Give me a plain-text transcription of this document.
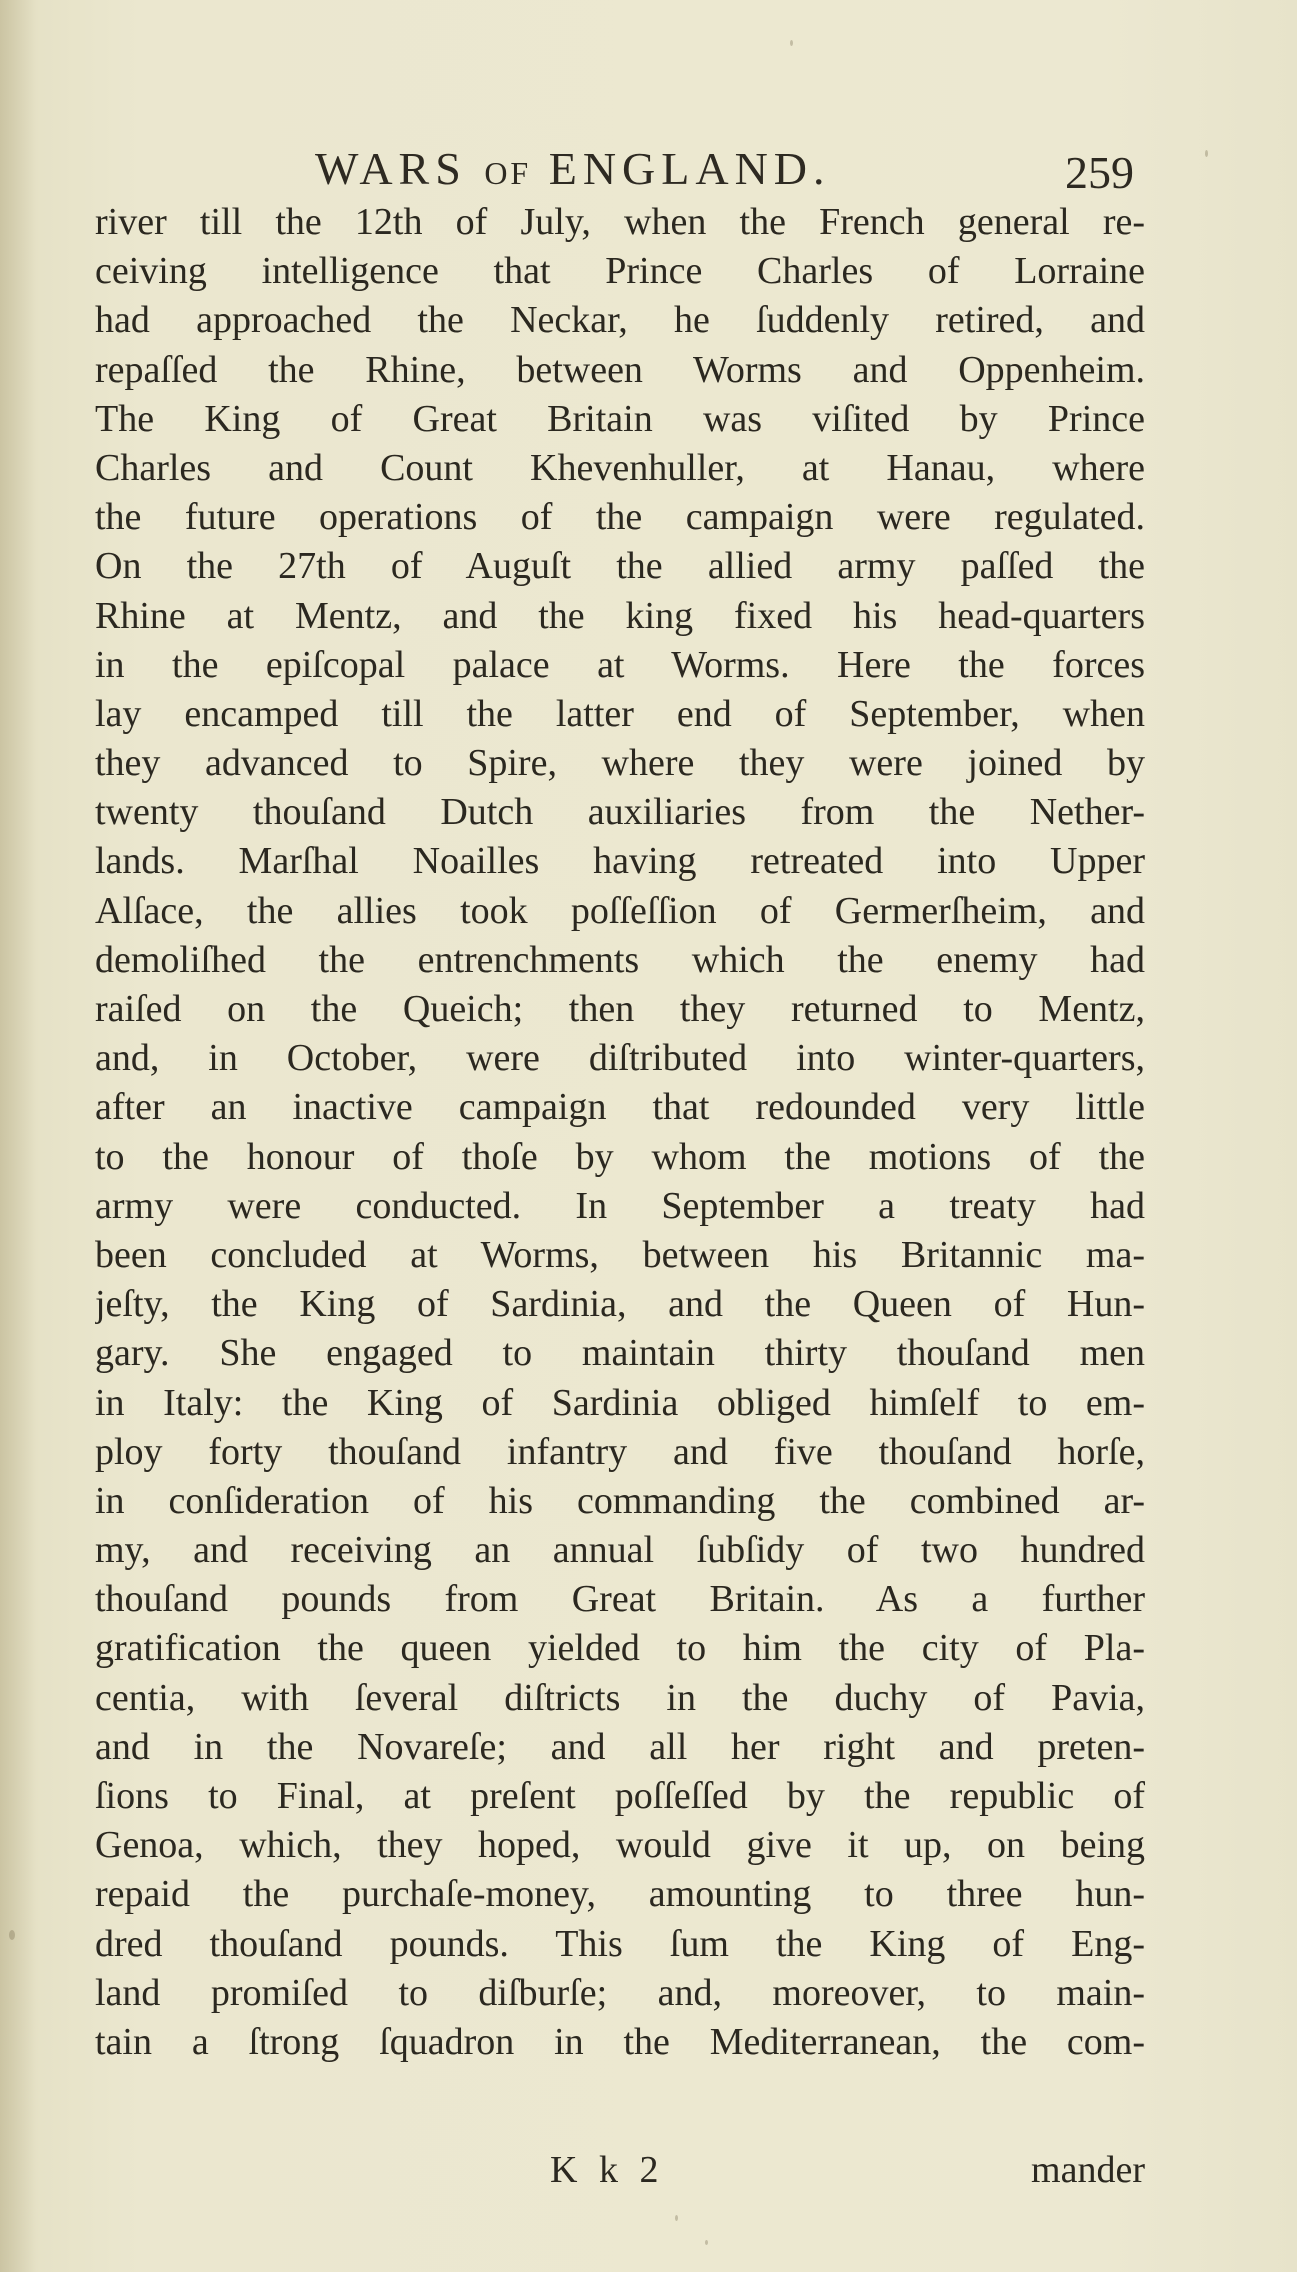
WARS OF ENGLAND.	259
river till the 12th of July, when the French general re-
ceiving intelligence that Prince Charles of Lorraine
had approached the Neckar, he ſuddenly retired, and
repaſſed the Rhine, between Worms and Oppenheim.
The King of Great Britain was viſited by Prince
Charles and Count Khevenhuller, at Hanau, where
the future operations of the campaign were regulated.
On the 27th of Auguſt the allied army paſſed the
Rhine at Mentz, and the king fixed his head-quarters
in the epiſcopal palace at Worms. Here the forces
lay encamped till the latter end of September, when
they advanced to Spire, where they were joined by
twenty thouſand Dutch auxiliaries from the Nether-
lands. Marſhal Noailles having retreated into Upper
Alſace, the allies took poſſeſſion of Germerſheim, and
demoliſhed the entrenchments which the enemy had
raiſed on the Queich; then they returned to Mentz,
and, in October, were diſtributed into winter-quarters,
after an inactive campaign that redounded very little
to the honour of thoſe by whom the motions of the
army were conducted. In September a treaty had
been concluded at Worms, between his Britannic ma-
jeſty, the King of Sardinia, and the Queen of Hun-
gary. She engaged to maintain thirty thouſand men
in Italy: the King of Sardinia obliged himſelf to em-
ploy forty thouſand infantry and five thouſand horſe,
in conſideration of his commanding the combined ar-
my, and receiving an annual ſubſidy of two hundred
thouſand pounds from Great Britain. As a further
gratification the queen yielded to him the city of Pla-
centia, with ſeveral diſtricts in the duchy of Pavia,
and in the Novareſe; and all her right and preten-
ſions to Final, at preſent poſſeſſed by the republic of
Genoa, which, they hoped, would give it up, on being
repaid the purchaſe-money, amounting to three hun-
dred thouſand pounds. This ſum the King of Eng-
land promiſed to diſburſe; and, moreover, to main-
tain a ſtrong ſquadron in the Mediterranean, the com-
K k 2	mander
